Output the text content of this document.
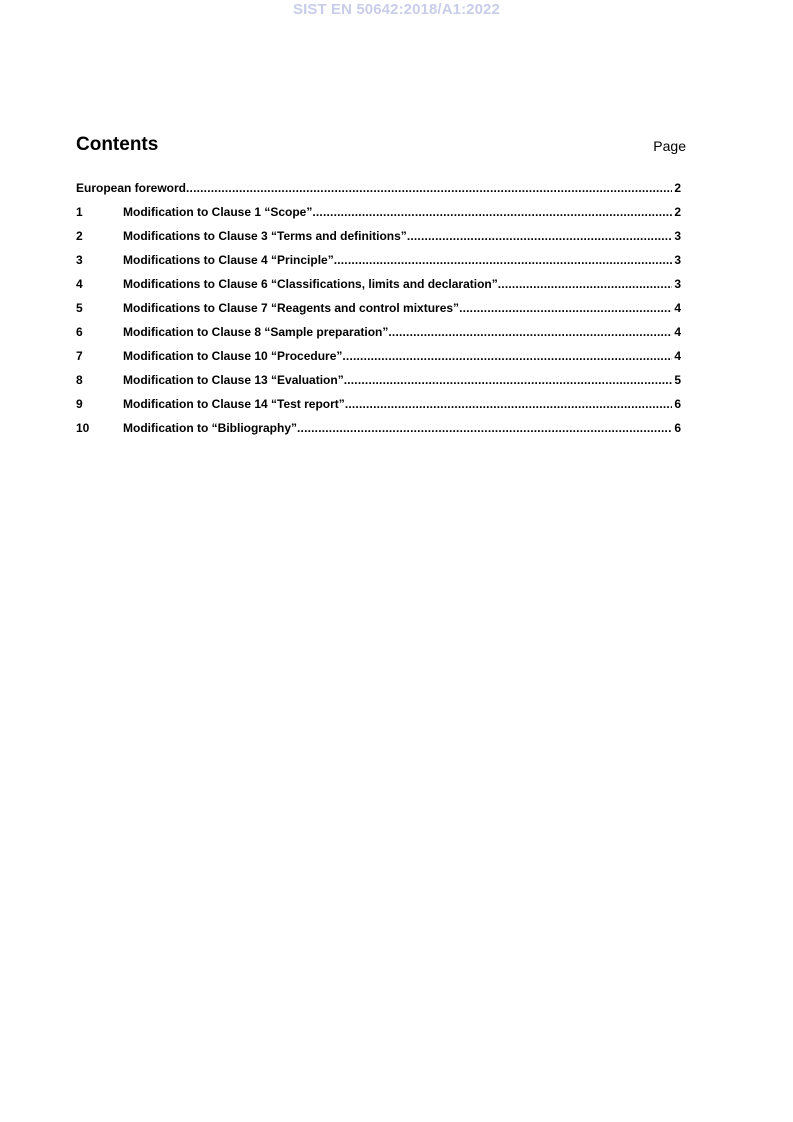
SIST EN 50642:2018/A1:2022
Contents	Page
European foreword .....	2
1	Modification to Clause 1 “Scope” .....	2
2	Modifications to Clause 3 “Terms and definitions” .....	3
3	Modifications to Clause 4 “Principle” .....	3
4	Modifications to Clause 6 “Classifications, limits and declaration” .....	3
5	Modifications to Clause 7 “Reagents and control mixtures” .....	4
6	Modification to Clause 8 “Sample preparation” .....	4
7	Modification to Clause 10 “Procedure” .....	4
8	Modification to Clause 13 “Evaluation” .....	5
9	Modification to Clause 14 “Test report” .....	6
10	Modification to “Bibliography” .....	6
